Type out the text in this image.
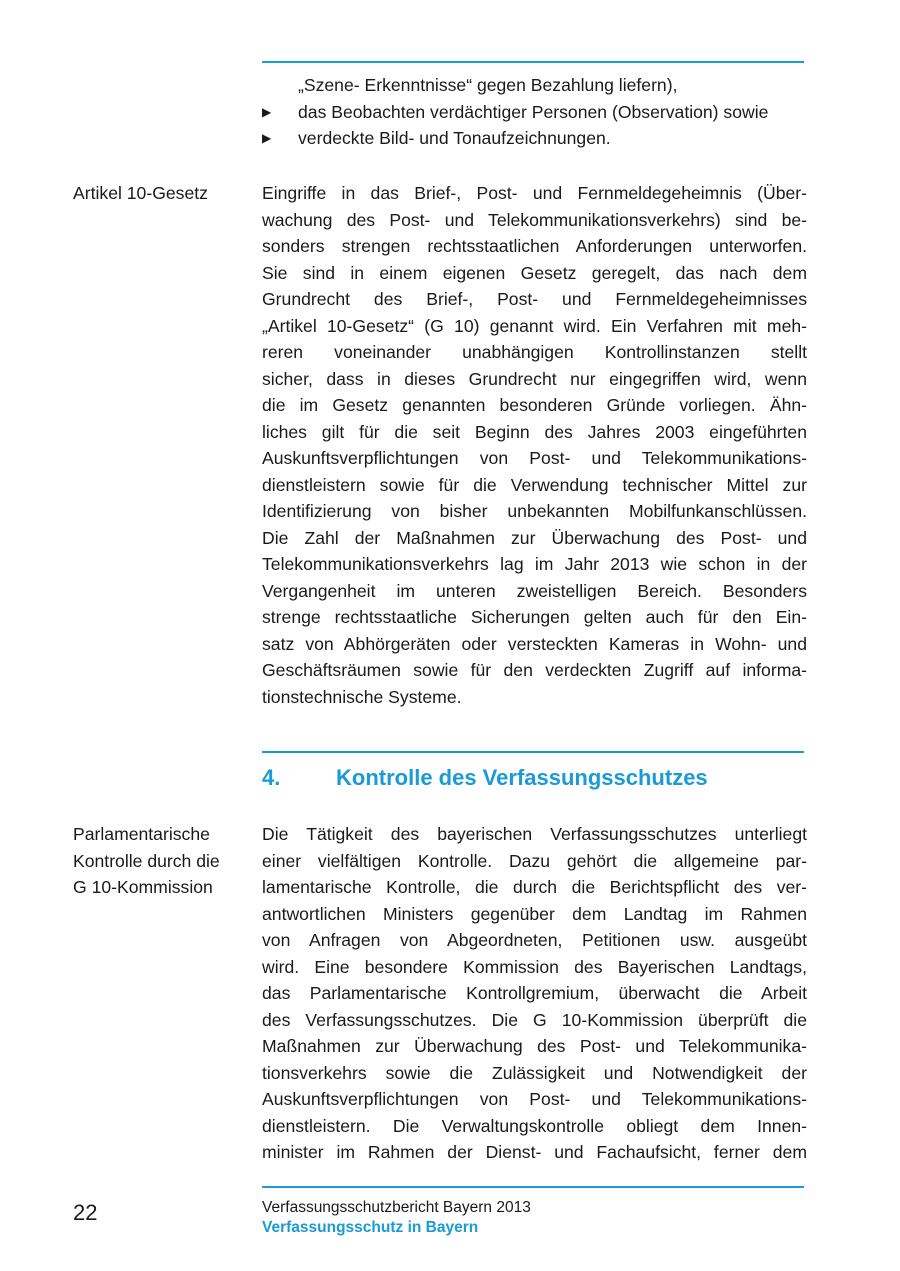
„Szene- Erkenntnisse“ gegen Bezahlung liefern),
▶	das Beobachten verdächtiger Personen (Observation) sowie
▶	verdeckte Bild- und Tonaufzeichnungen.
Artikel 10-Gesetz	Eingriffe in das Brief-, Post- und Fernmeldegeheimnis (Über-
wachung des Post- und Telekommunikationsverkehrs) sind be-
sonders strengen rechtsstaatlichen Anforderungen unterworfen.
Sie sind in einem eigenen Gesetz geregelt, das nach dem
Grundrecht des Brief-, Post- und Fernmeldegeheimnisses
„Artikel 10-Gesetz“ (G 10) genannt wird. Ein Verfahren mit meh-
reren voneinander unabhängigen Kontrollinstanzen stellt
sicher, dass in dieses Grundrecht nur eingegriffen wird, wenn
die im Gesetz genannten besonderen Gründe vorliegen. Ähn-
liches gilt für die seit Beginn des Jahres 2003 eingeführten
Auskunftsverpflichtungen von Post- und Telekommunikations-
dienstleistern sowie für die Verwendung technischer Mittel zur
Identifizierung von bisher unbekannten Mobilfunkanschlüssen.
Die Zahl der Maßnahmen zur Überwachung des Post- und
Telekommunikationsverkehrs lag im Jahr 2013 wie schon in der
Vergangenheit im unteren zweistelligen Bereich. Besonders
strenge rechtsstaatliche Sicherungen gelten auch für den Ein-
satz von Abhörgeräten oder versteckten Kameras in Wohn- und
Geschäftsräumen sowie für den verdeckten Zugriff auf informa-
tionstechnische Systeme.
4.	Kontrolle des Verfassungsschutzes
Parlamentarische
Kontrolle durch die
G 10-Kommission
Die Tätigkeit des bayerischen Verfassungsschutzes unterliegt
einer vielfältigen Kontrolle. Dazu gehört die allgemeine par-
lamentarische Kontrolle, die durch die Berichtspflicht des ver-
antwortlichen Ministers gegenüber dem Landtag im Rahmen
von Anfragen von Abgeordneten, Petitionen usw. ausgeübt
wird. Eine besondere Kommission des Bayerischen Landtags,
das Parlamentarische Kontrollgremium, überwacht die Arbeit
des Verfassungsschutzes. Die G 10-Kommission überprüft die
Maßnahmen zur Überwachung des Post- und Telekommunika-
tionsverkehrs sowie die Zulässigkeit und Notwendigkeit der
Auskunftsverpflichtungen von Post- und Telekommunikations-
dienstleistern. Die Verwaltungskontrolle obliegt dem Innen-
minister im Rahmen der Dienst- und Fachaufsicht, ferner dem
22	Verfassungsschutzbericht Bayern 2013
Verfassungsschutz in Bayern
